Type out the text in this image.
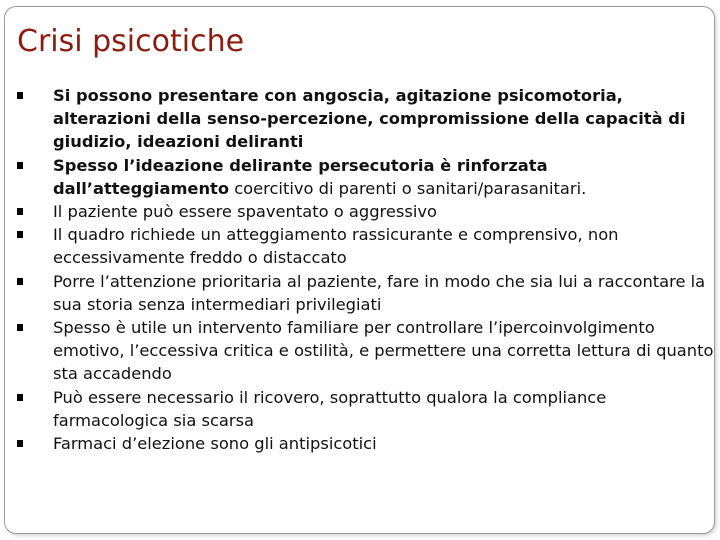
Crisi psicotiche
Si possono presentare con angoscia, agitazione psicomotoria, alterazioni della senso-percezione, compromissione della capacità di giudizio, ideazioni deliranti
Spesso l’ideazione delirante persecutoria è rinforzata dall’atteggiamento coercitivo di parenti o sanitari/parasanitari.
Il paziente può essere spaventato o aggressivo
Il quadro richiede un atteggiamento rassicurante e comprensivo, non eccessivamente freddo o distaccato
Porre l’attenzione prioritaria al paziente, fare in modo che sia lui a raccontare la sua storia senza intermediari privilegiati
Spesso è utile un intervento familiare per controllare l’ipercoinvolgimento emotivo, l’eccessiva critica e ostilità, e permettere una corretta lettura di quanto sta accadendo
Può essere necessario il ricovero, soprattutto qualora la compliance farmacologica sia scarsa
Farmaci d’elezione sono gli antipsicotici
